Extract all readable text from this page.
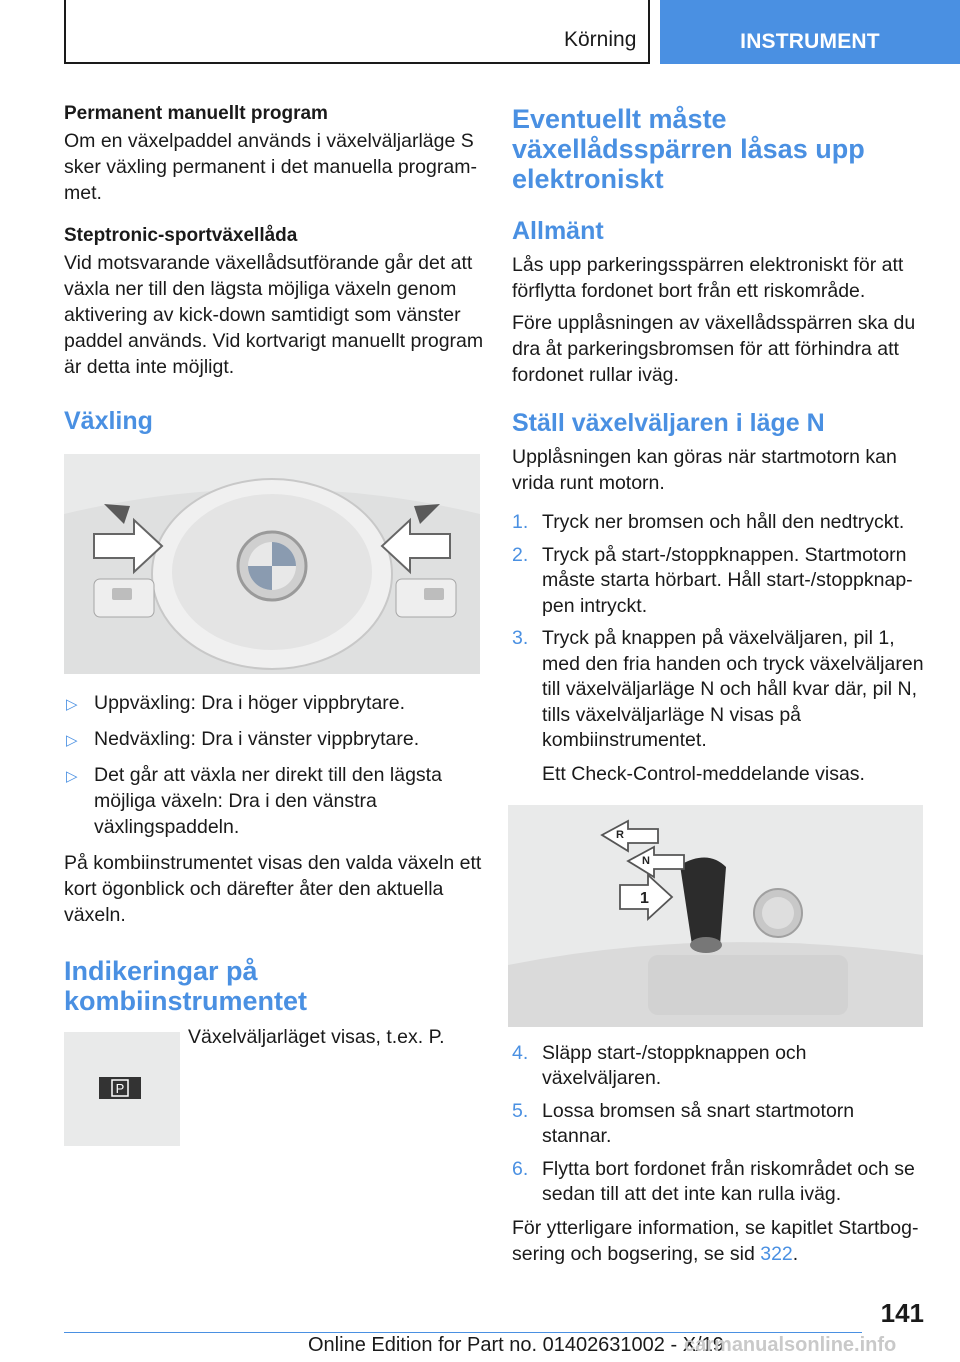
Körning	INSTRUMENT
Permanent manuellt program

Om en växelpaddel används i växelväljarläge S sker växling permanent i det manuella programmet.

Steptronic-sportväxellåda

Vid motsvarande växellådsutförande går det att växla ner till den lägsta möjliga växeln genom aktivering av kick-down samtidigt som vänster paddel används. Vid kortvarigt manuellt program är detta inte möjligt.

Växling
▷ Uppväxling: Dra i höger vippbrytare.
▷ Nedväxling: Dra i vänster vippbrytare.
▷ Det går att växla ner direkt till den lägsta möjliga växeln: Dra i den vänstra växlingspaddeln.

På kombiinstrumentet visas den valda växeln ett kort ögonblick och därefter åter den aktuella växeln.

Indikeringar på kombiinstrumentet
P

Växelväljarläget visas, t.ex. P.

Eventuellt måste växellådsspärren låsas upp elektroniskt
Allmänt

Lås upp parkeringsspärren elektroniskt för att förflytta fordonet bort från ett riskområde.

Före upplåsningen av växellådsspärren ska du dra åt parkeringsbromsen för att förhindra att fordonet rullar iväg.

Ställ växelväljaren i läge N

Upplåsningen kan göras när startmotorn kan vrida runt motorn.

1. Tryck ner bromsen och håll den nedtryckt.
2. Tryck på start-/stoppknappen. Startmotorn måste starta hörbart. Håll start-/stoppknappen intryckt.
3. Tryck på knappen på växelväljaren, pil 1, med den fria handen och tryck växelväljaren till växelväljarläge N och håll kvar där, pil N, tills växelväljarläge N visas på kombiinstrumentet.

Ett Check-Control-meddelande visas.

R
N
1
4. Släpp start-/stoppknappen och växelväljaren.
5. Lossa bromsen så snart startmotorn stannar.
6. Flytta bort fordonet från riskområdet och se sedan till att det inte kan rulla iväg.

För ytterligare information, se kapitlet Startbogsering och bogsering, se sid 322.

141
Online Edition for Part no. 01402631002 - X/19
carmanualsonline.info
